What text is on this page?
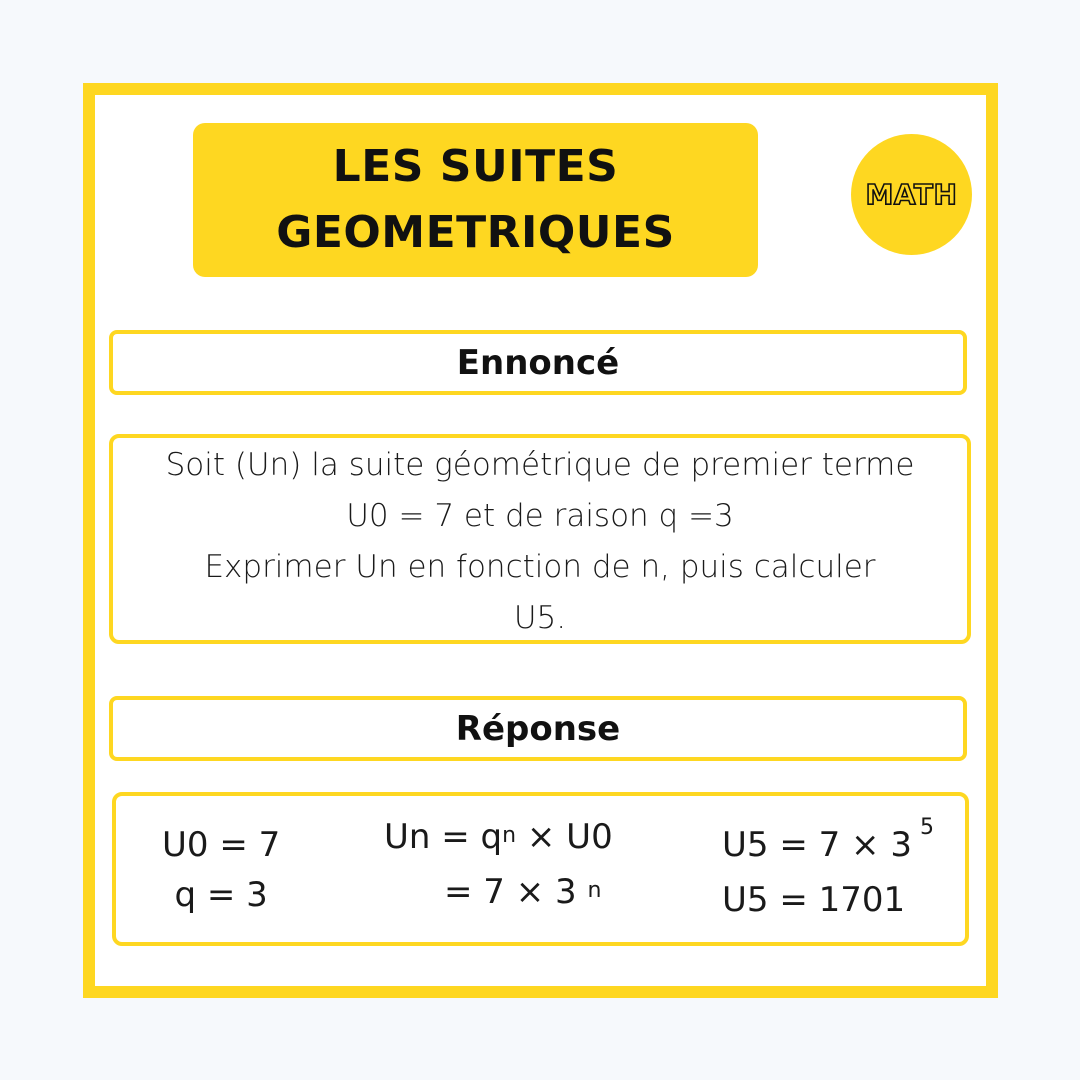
LES SUITES
GEOMETRIQUES
MATH
Ennoncé
Soit (Un) la suite géométrique de premier terme
U0 = 7 et de raison q =3
Exprimer Un en fonction de n, puis calculer
U5.
Réponse
U0 = 7
q = 3
$Un = q^n \times U0$
= 7 × 3 $^n$
U5 = 7 × 3 $^5$
U5 = 1701
